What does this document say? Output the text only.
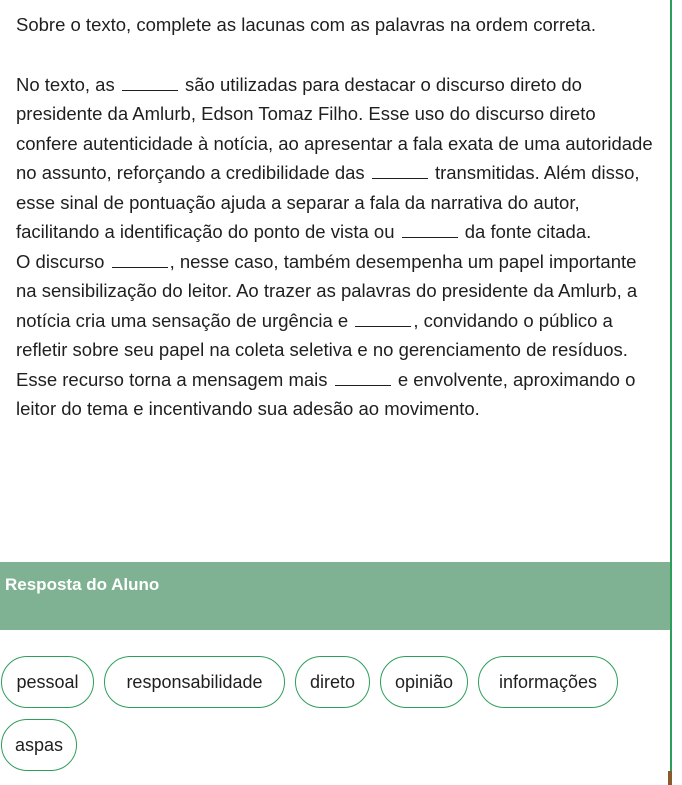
Sobre o texto, complete as lacunas com as palavras na ordem correta.

No texto, as	são utilizadas para destacar o discurso direto do presidente da Amlurb, Edson Tomaz Filho. Esse uso do discurso direto confere autenticidade à notícia, ao apresentar a fala exata de uma autoridade no assunto, reforçando a credibilidade das	transmitidas. Além disso, esse sinal de pontuação ajuda a separar a fala da narrativa do autor, facilitando a identificação do ponto de vista ou	da fonte citada.

O discurso	, nesse caso, também desempenha um papel importante na sensibilização do leitor. Ao trazer as palavras do presidente da Amlurb, a notícia cria uma sensação de urgência e	, convidando o público a refletir sobre seu papel na coleta seletiva e no gerenciamento de resíduos. Esse recurso torna a mensagem mais	e envolvente, aproximando o leitor do tema e incentivando sua adesão ao movimento.

Resposta do Aluno
pessoal	responsabilidade	direto	opinião	informações
aspas
